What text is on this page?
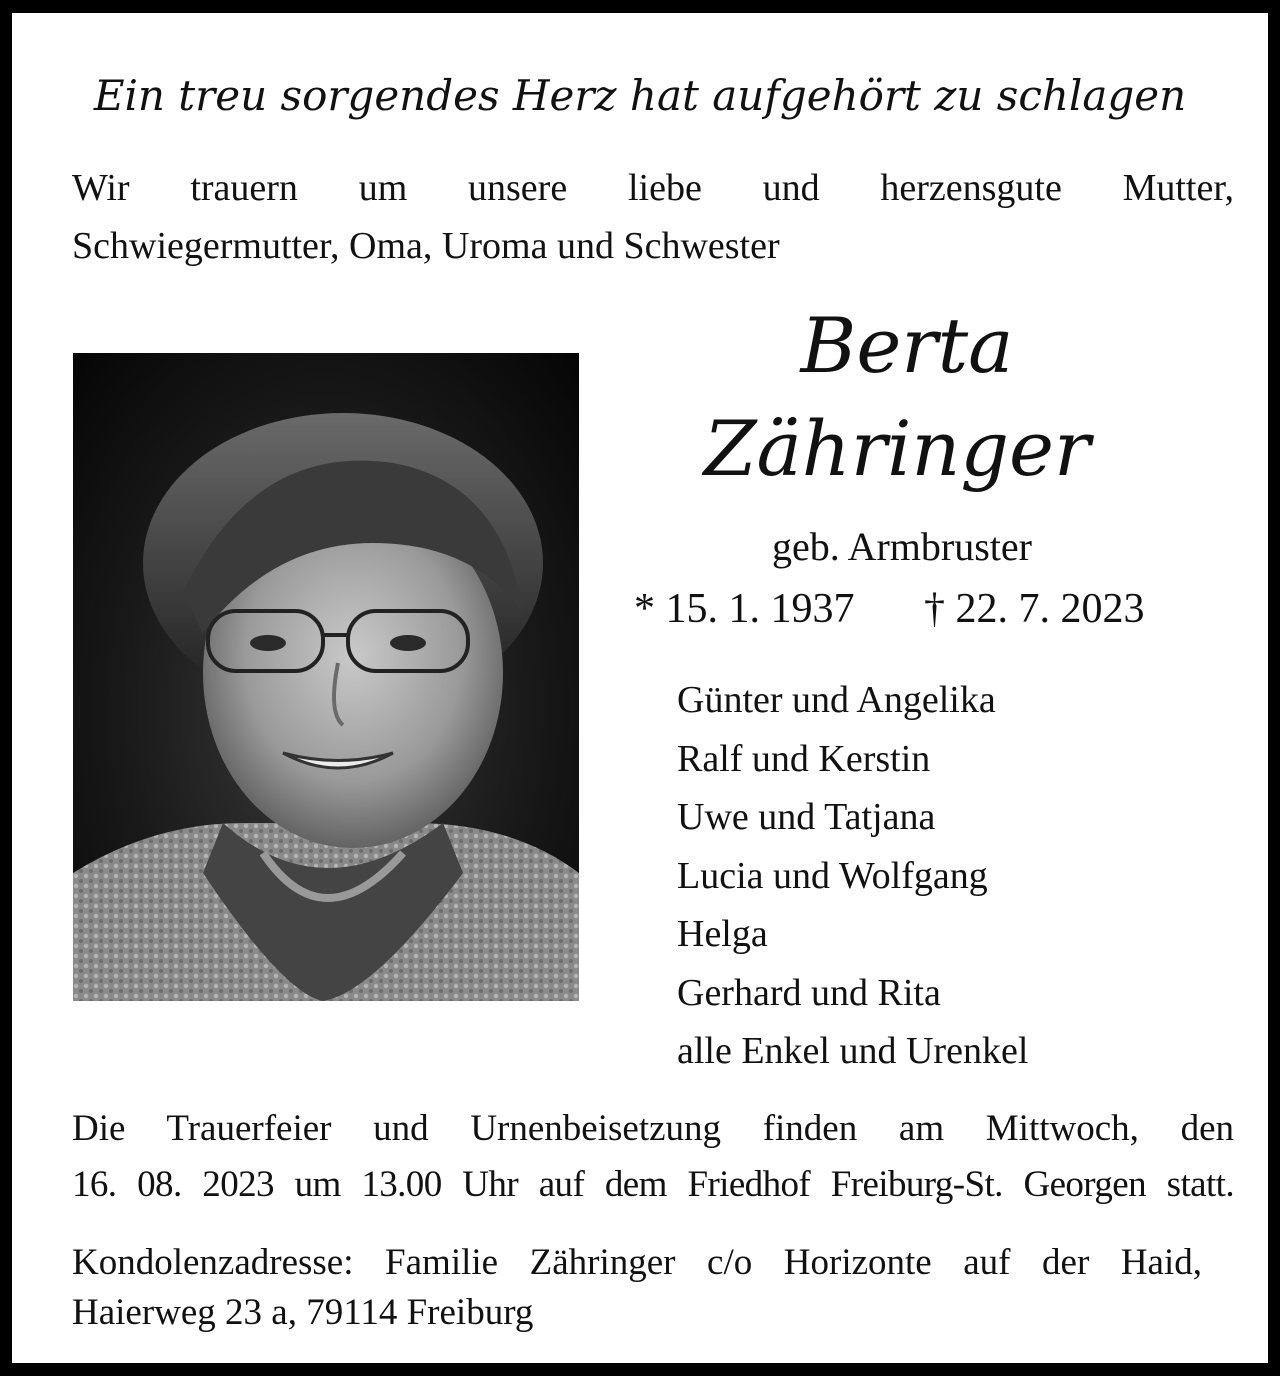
Ein treu sorgendes Herz hat aufgehört zu schlagen
Wir trauern um unsere liebe und herzensgute Mutter,
Schwiegermutter, Oma, Uroma und Schwester
Berta
Zähringer
geb. Armbruster
* 15. 1. 1937 † 22. 7. 2023
Günter und Angelika
Ralf und Kerstin
Uwe und Tatjana
Lucia und Wolfgang
Helga
Gerhard und Rita
alle Enkel und Urenkel
Die Trauerfeier und Urnenbeisetzung finden am Mittwoch, den
16. 08. 2023 um 13.00 Uhr auf dem Friedhof Freiburg-St. Georgen statt.
Kondolenzadresse: Familie Zähringer c/o Horizonte auf der Haid,
Haierweg 23 a, 79114 Freiburg
